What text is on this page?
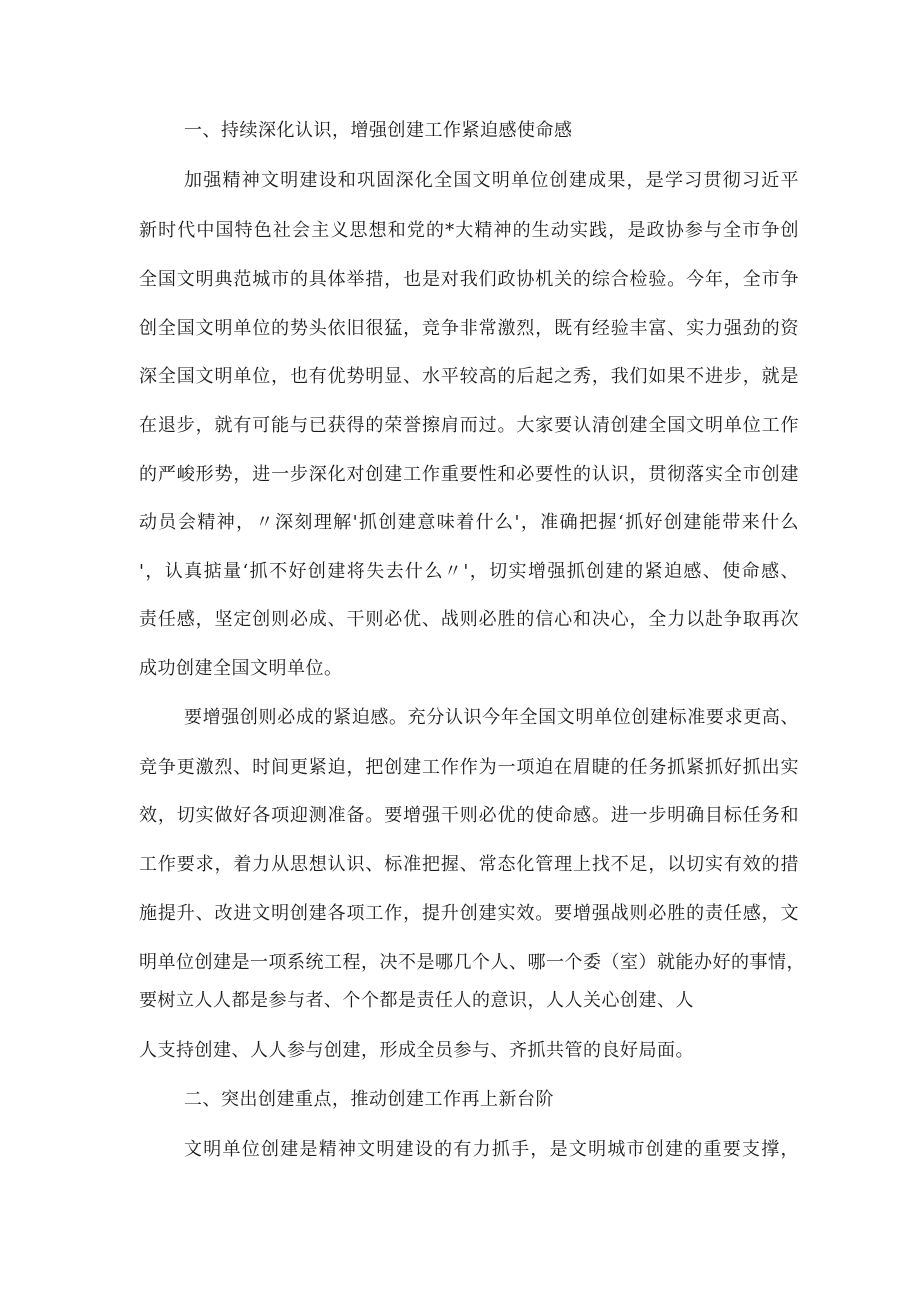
一、持续深化认识，增强创建工作紧迫感使命感
加强精神文明建设和巩固深化全国文明单位创建成果，是学习贯彻习近平
新时代中国特色社会主义思想和党的*大精神的生动实践，是政协参与全市争创
全国文明典范城市的具体举措，也是对我们政协机关的综合检验。今年，全市争
创全国文明单位的势头依旧很猛，竞争非常激烈，既有经验丰富、实力强劲的资
深全国文明单位，也有优势明显、水平较高的后起之秀，我们如果不进步，就是
在退步，就有可能与已获得的荣誉擦肩而过。大家要认清创建全国文明单位工作
的严峻形势，进一步深化对创建工作重要性和必要性的认识，贯彻落实全市创建
动员会精神，〃深刻理解'抓创建意味着什么'，准确把握‘抓好创建能带来什么
'，认真掂量‘抓不好创建将失去什么〃'，切实增强抓创建的紧迫感、使命感、
责任感，坚定创则必成、干则必优、战则必胜的信心和决心，全力以赴争取再次
成功创建全国文明单位。
要增强创则必成的紧迫感。充分认识今年全国文明单位创建标准要求更高、
竞争更激烈、时间更紧迫，把创建工作作为一项迫在眉睫的任务抓紧抓好抓出实
效，切实做好各项迎测准备。要增强干则必优的使命感。进一步明确目标任务和
工作要求，着力从思想认识、标准把握、常态化管理上找不足，以切实有效的措
施提升、改进文明创建各项工作，提升创建实效。要增强战则必胜的责任感，文
明单位创建是一项系统工程，决不是哪几个人、哪一个委（室）就能办好的事情，
要树立人人都是参与者、个个都是责任人的意识，人人关心创建、人
人支持创建、人人参与创建，形成全员参与、齐抓共管的良好局面。
二、突出创建重点，推动创建工作再上新台阶
文明单位创建是精神文明建设的有力抓手，是文明城市创建的重要支撑，
